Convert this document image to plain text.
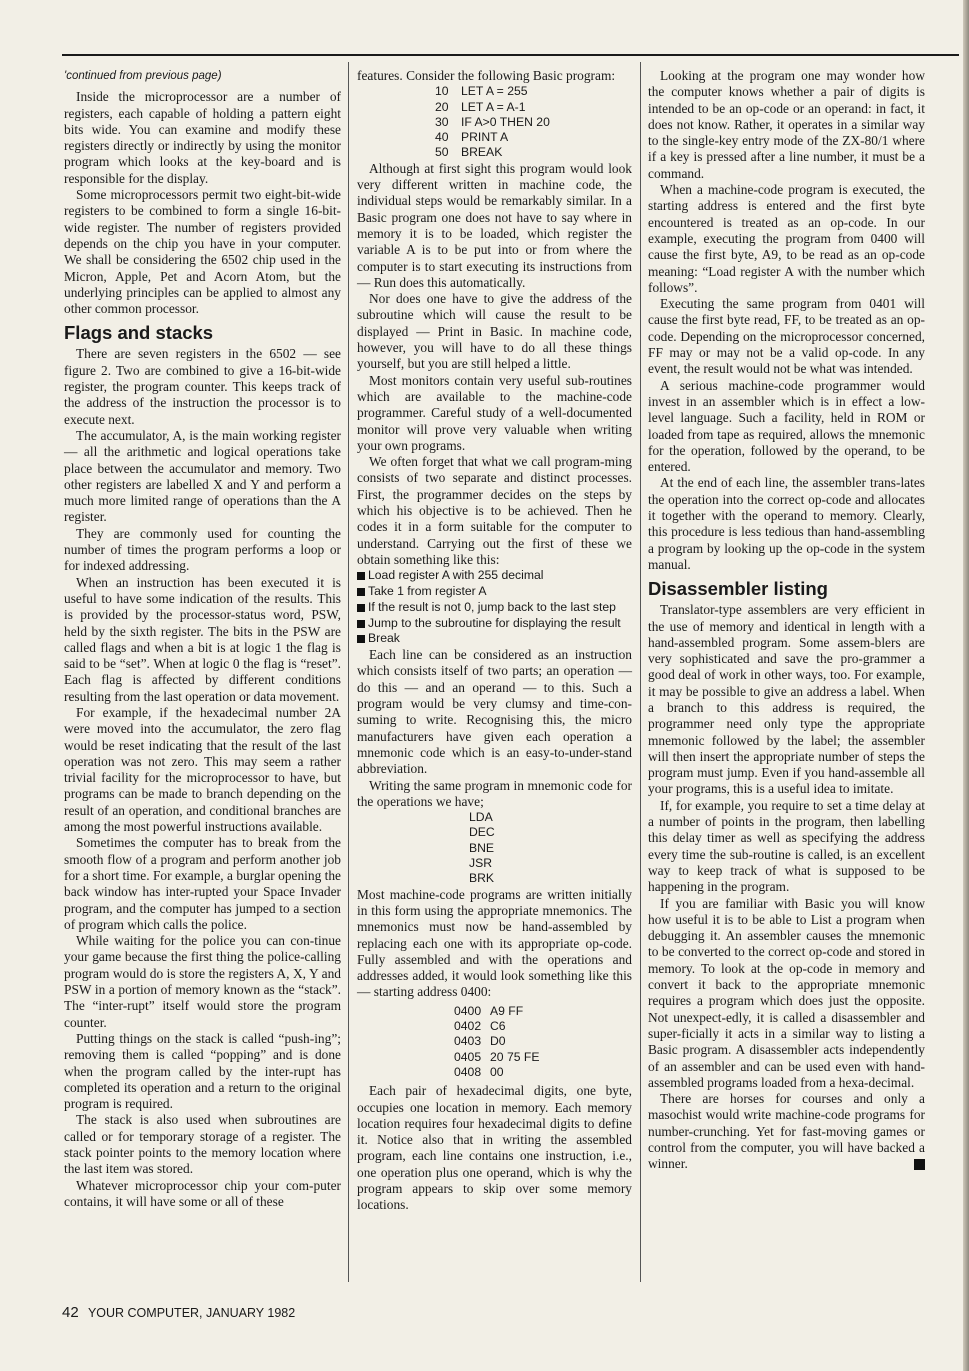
'continued from previous page)

Inside the microprocessor are a number of registers, each capable of holding a pattern eight bits wide. You can examine and modify these registers directly or indirectly by using the monitor program which looks at the key-board and is responsible for the display.

Some microprocessors permit two eight-bit-wide registers to be combined to form a single 16-bit-wide register. The number of registers provided depends on the chip you have in your computer. We shall be considering the 6502 chip used in the Micron, Apple, Pet and Acorn Atom, but the underlying principles can be applied to almost any other common processor.

Flags and stacks

There are seven registers in the 6502 — see figure 2. Two are combined to give a 16-bit-wide register, the program counter. This keeps track of the address of the instruction the processor is to execute next.

The accumulator, A, is the main working register — all the arithmetic and logical operations take place between the accumulator and memory. Two other registers are labelled X and Y and perform a much more limited range of operations than the A register.

They are commonly used for counting the number of times the program performs a loop or for indexed addressing.

When an instruction has been executed it is useful to have some indication of the results. This is provided by the processor-status word, PSW, held by the sixth register. The bits in the PSW are called flags and when a bit is at logic 1 the flag is said to be “set”. When at logic 0 the flag is “reset”. Each flag is affected by different conditions resulting from the last operation or data movement.

For example, if the hexadecimal number 2A were moved into the accumulator, the zero flag would be reset indicating that the result of the last operation was not zero. This may seem a rather trivial facility for the microprocessor to have, but programs can be made to branch depending on the result of an operation, and conditional branches are among the most powerful instructions available.

Sometimes the computer has to break from the smooth flow of a program and perform another job for a short time. For example, a burglar opening the back window has inter-rupted your Space Invader program, and the computer has jumped to a section of program which calls the police.

While waiting for the police you can con-tinue your game because the first thing the police-calling program would do is store the registers A, X, Y and PSW in a portion of memory known as the “stack”. The “inter-rupt” itself would store the program counter.

Putting things on the stack is called “push-ing”; removing them is called “popping” and is done when the program called by the inter-rupt has completed its operation and a return to the original program is required.

The stack is also used when subroutines are called or for temporary storage of a register. The stack pointer points to the memory location where the last item was stored.

Whatever microprocessor chip your com-puter contains, it will have some or all of these

features. Consider the following Basic program:

10	LET A = 255
20	LET A = A-1
30	IF A>0 THEN 20
40	PRINT A
50	BREAK

Although at first sight this program would look very different written in machine code, the individual steps would be remarkably similar. In a Basic program one does not have to say where in memory it is to be loaded, which register the variable A is to be put into or from where the computer is to start executing its instructions from — Run does this automatically.

Nor does one have to give the address of the subroutine which will cause the result to be displayed — Print in Basic. In machine code, however, you will have to do all these things yourself, but you are still helped a little.

Most monitors contain very useful sub-routines which are available to the machine-code programmer. Careful study of a well-documented monitor will prove very valuable when writing your own programs.

We often forget that what we call program-ming consists of two separate and distinct processes. First, the programmer decides on the steps by which his objective is to be achieved. Then he codes it in a form suitable for the computer to understand. Carrying out the first of these we obtain something like this:

Load register A with 255 decimal
Take 1 from register A
If the result is not 0, jump back to the last step
Jump to the subroutine for displaying the result
Break

Each line can be considered as an instruction which consists itself of two parts; an operation — do this — and an operand — to this. Such a program would be very clumsy and time-con-suming to write. Recognising this, the micro manufacturers have given each operation a mnemonic code which is an easy-to-under-stand abbreviation.

Writing the same program in mnemonic code for the operations we have;

LDA
DEC
BNE
JSR
BRK

Most machine-code programs are written initially in this form using the appropriate mnemonics. The mnemonics must now be hand-assembled by replacing each one with its appropriate op-code. Fully assembled and with the operations and addresses added, it would look something like this — starting address 0400:

0400 A9 FF
0402 C6
0403 D0
0405 20 75 FE
0408 00

Each pair of hexadecimal digits, one byte, occupies one location in memory. Each memory location requires four hexadecimal digits to define it. Notice also that in writing the assembled program, each line contains one instruction, i.e., one operation plus one operand, which is why the program appears to skip over some memory locations.

Looking at the program one may wonder how the computer knows whether a pair of digits is intended to be an op-code or an operand: in fact, it does not know. Rather, it operates in a similar way to the single-key entry mode of the ZX-80/1 where if a key is pressed after a line number, it must be a command.

When a machine-code program is executed, the starting address is entered and the first byte encountered is treated as an op-code. In our example, executing the program from 0400 will cause the first byte, A9, to be read as an op-code meaning: “Load register A with the number which follows”.

Executing the same program from 0401 will cause the first byte read, FF, to be treated as an op-code. Depending on the microprocessor concerned, FF may or may not be a valid op-code. In any event, the result would not be what was intended.

A serious machine-code programmer would invest in an assembler which is in effect a low-level language. Such a facility, held in ROM or loaded from tape as required, allows the mnemonic for the operation, followed by the operand, to be entered.

At the end of each line, the assembler trans-lates the operation into the correct op-code and allocates it together with the operand to memory. Clearly, this procedure is less tedious than hand-assembling a program by looking up the op-code in the system manual.

Disassembler listing

Translator-type assemblers are very efficient in the use of memory and identical in length with a hand-assembled program. Some assem-blers are very sophisticated and save the pro-grammer a good deal of work in other ways, too. For example, it may be possible to give an address a label. When a branch to this address is required, the programmer need only type the appropriate mnemonic followed by the label; the assembler will then insert the appropriate number of steps the program must jump. Even if you hand-assemble all your programs, this is a useful idea to imitate.

If, for example, you require to set a time delay at a number of points in the program, then labelling this delay timer as well as specifying the address every time the sub-routine is called, is an excellent way to keep track of what is supposed to be happening in the program.

If you are familiar with Basic you will know how useful it is to be able to List a program when debugging it. An assembler causes the mnemonic to be converted to the correct op-code and stored in memory. To look at the op-code in memory and convert it back to the appropriate mnemonic requires a program which does just the opposite. Not unexpect-edly, it is called a disassembler and super-ficially it acts in a similar way to listing a Basic program. A disassembler acts independently of an assembler and can be used even with hand-assembled programs loaded from a hexa-decimal.

There are horses for courses and only a masochist would write machine-code programs for number-crunching. Yet for fast-moving games or control from the computer, you will have backed a winner.

42 YOUR COMPUTER, JANUARY 1982
